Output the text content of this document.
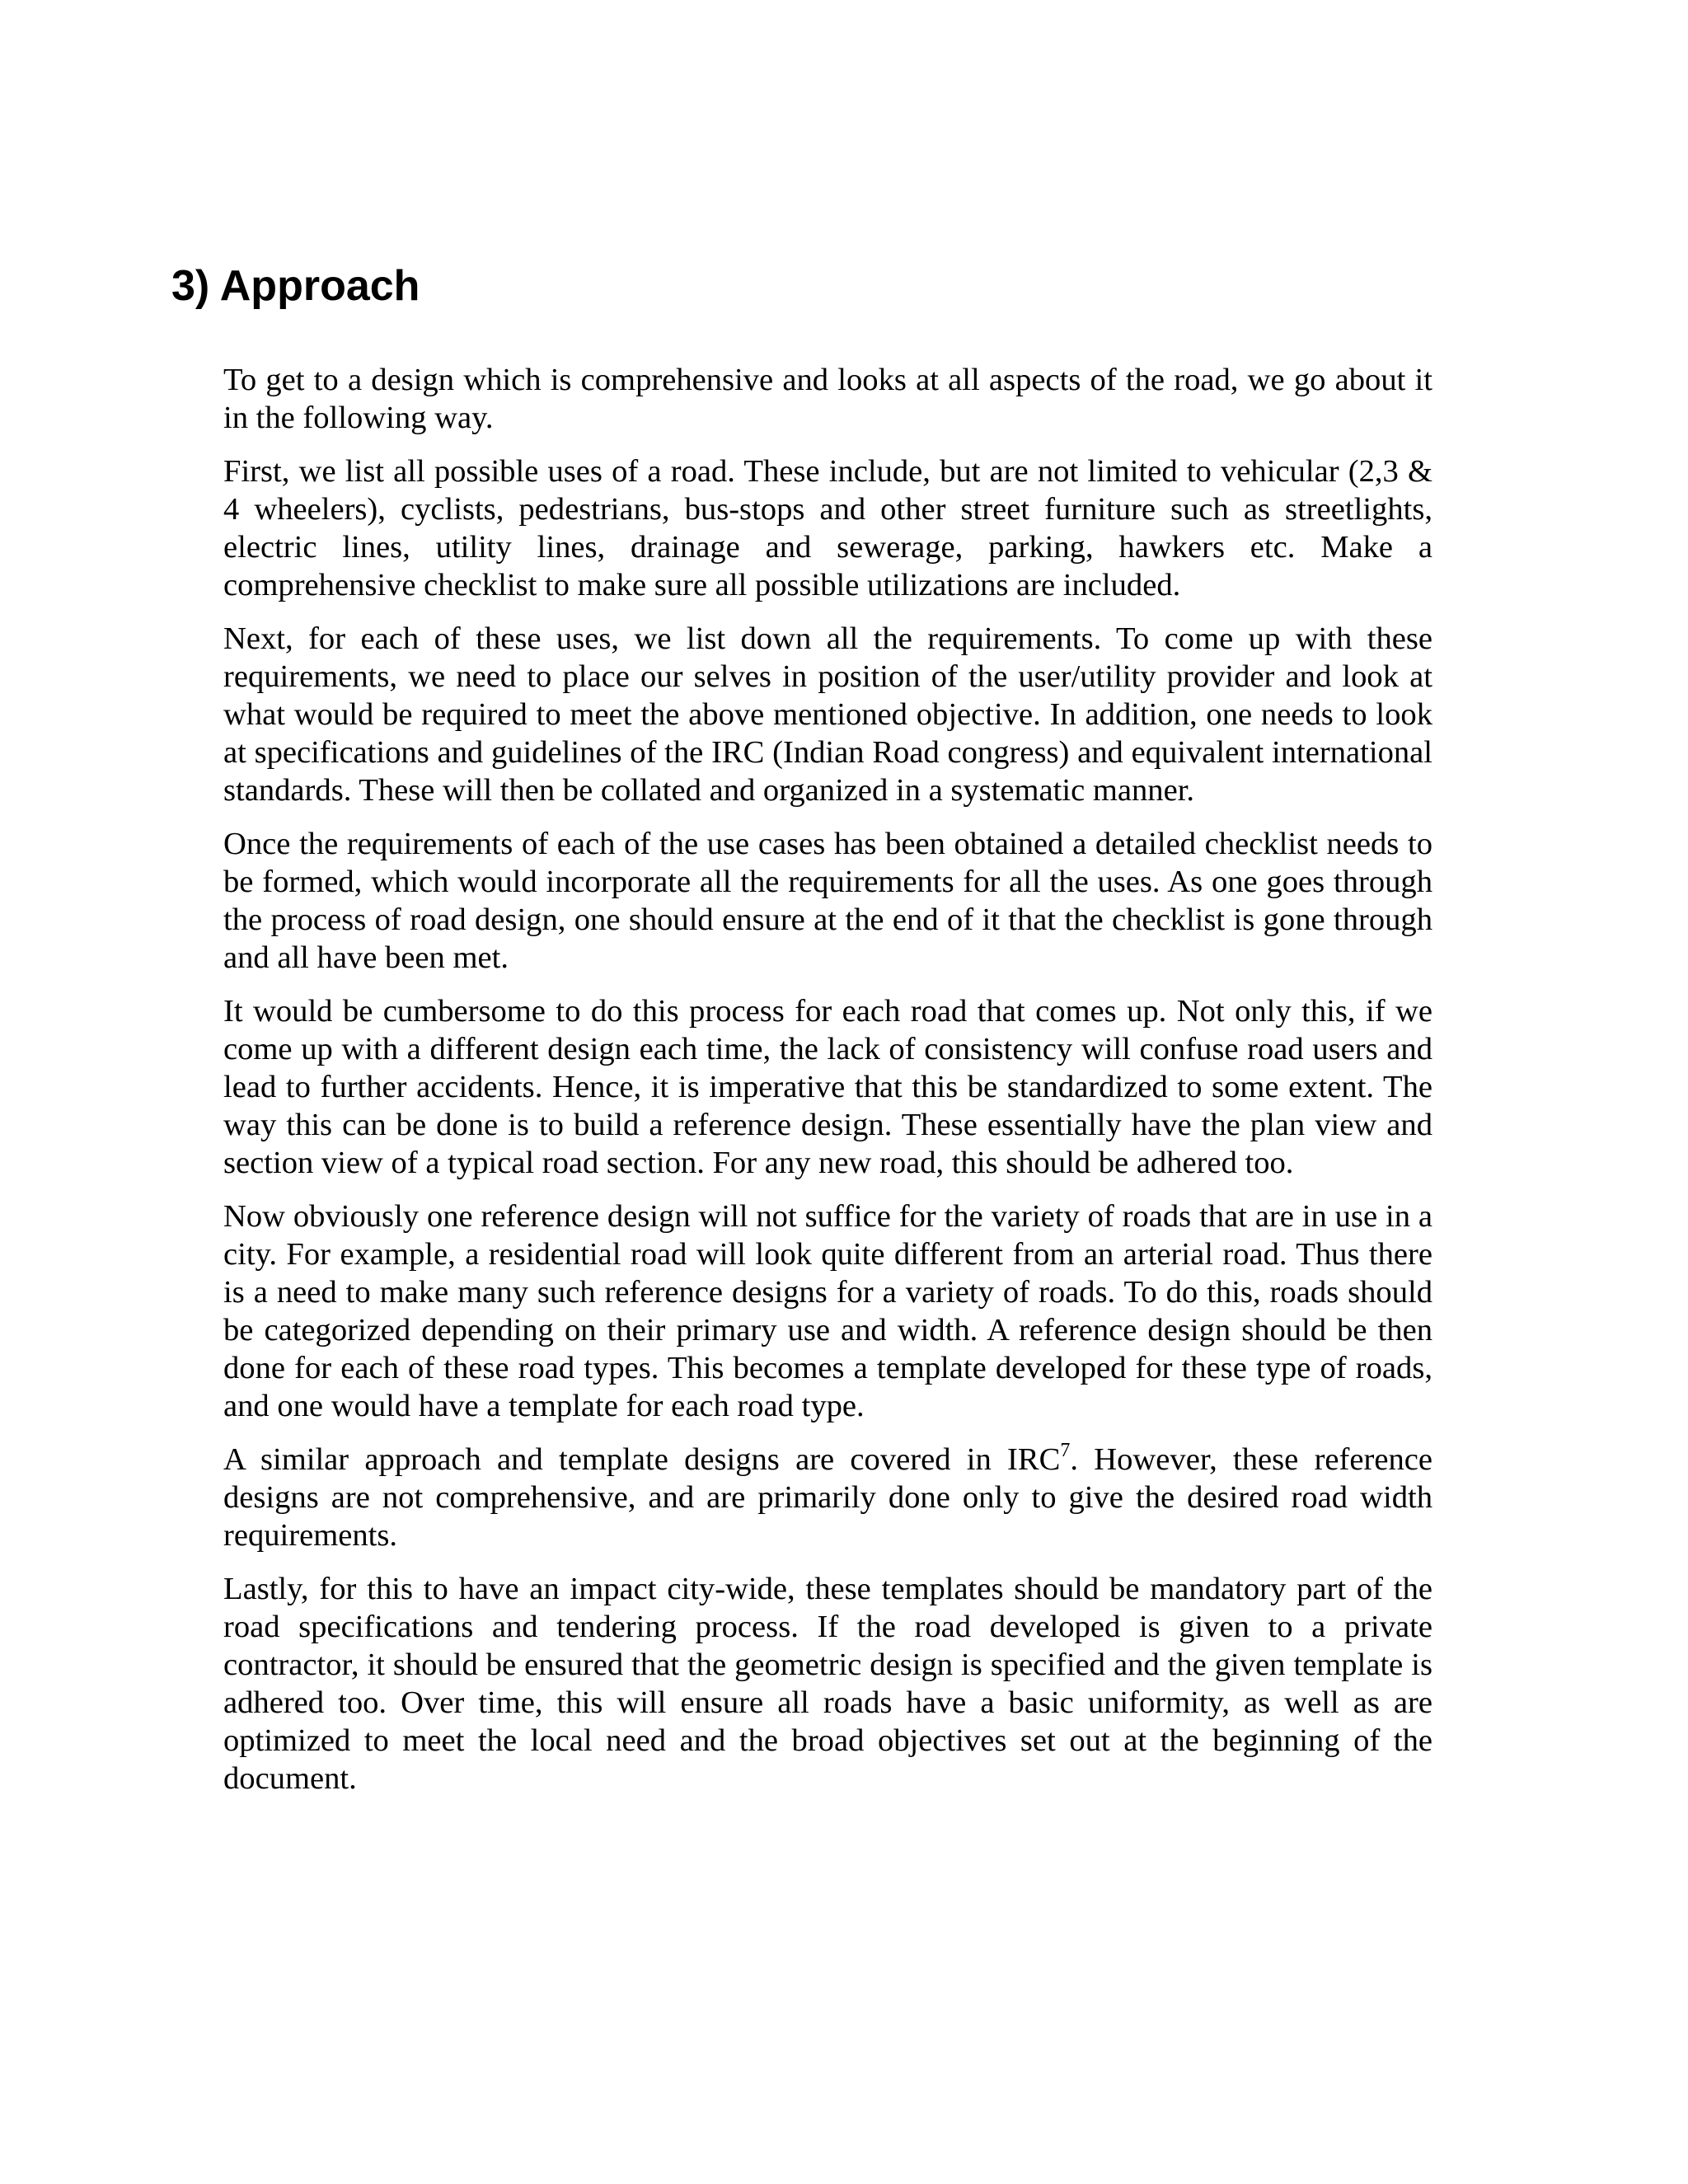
3) Approach

To get to a design which is comprehensive and looks at all aspects of the road, we go about it in the following way.

First, we list all possible uses of a road. These include, but are not limited to vehicular (2,3 & 4 wheelers), cyclists, pedestrians, bus-stops and other street furniture such as streetlights, electric lines, utility lines, drainage and sewerage, parking, hawkers etc. Make a comprehensive checklist to make sure all possible utilizations are included.

Next, for each of these uses, we list down all the requirements. To come up with these requirements, we need to place our selves in position of the user/utility provider and look at what would be required to meet the above mentioned objective. In addition, one needs to look at specifications and guidelines of the IRC (Indian Road congress) and equivalent international standards. These will then be collated and organized in a systematic manner.

Once the requirements of each of the use cases has been obtained a detailed checklist needs to be formed, which would incorporate all the requirements for all the uses. As one goes through the process of road design, one should ensure at the end of it that the checklist is gone through and all have been met.

It would be cumbersome to do this process for each road that comes up. Not only this, if we come up with a different design each time, the lack of consistency will confuse road users and lead to further accidents. Hence, it is imperative that this be standardized to some extent. The way this can be done is to build a reference design. These essentially have the plan view and section view of a typical road section. For any new road, this should be adhered too.

Now obviously one reference design will not suffice for the variety of roads that are in use in a city. For example, a residential road will look quite different from an arterial road. Thus there is a need to make many such reference designs for a variety of roads. To do this, roads should be categorized depending on their primary use and width. A reference design should be then done for each of these road types. This becomes a template developed for these type of roads, and one would have a template for each road type.

A similar approach and template designs are covered in IRC$^7$. However, these reference designs are not comprehensive, and are primarily done only to give the desired road width requirements.

Lastly, for this to have an impact city-wide, these templates should be mandatory part of the road specifications and tendering process. If the road developed is given to a private contractor, it should be ensured that the geometric design is specified and the given template is adhered too. Over time, this will ensure all roads have a basic uniformity, as well as are optimized to meet the local need and the broad objectives set out at the beginning of the document.
